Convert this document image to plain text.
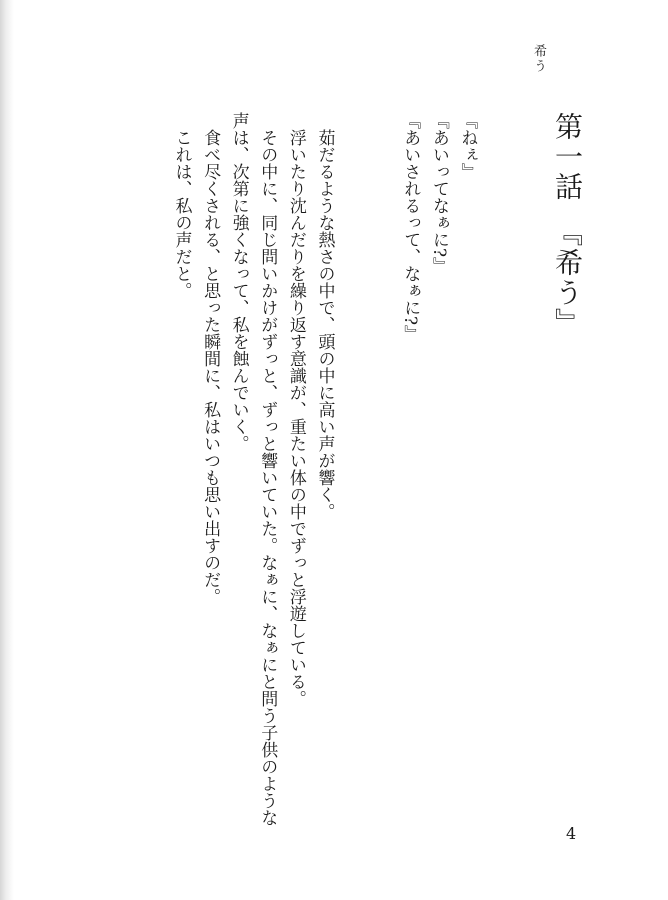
希う
第一話　『希う』

『ねぇ』
『あいってなぁに?』
『あいされるって、なぁに?』

茹だるような熱さの中で、頭の中に高い声が響く。
浮いたり沈んだりを繰り返す意識が、重たい体の中でずっと浮遊している。
その中に、同じ問いかけがずっと、ずっと響いていた。なぁに、なぁにと問う子供のような声は、次第に強くなって、私を蝕んでいく。
食べ尽くされる、と思った瞬間に、私はいつも思い出すのだ。
これは、私の声だと。
4
